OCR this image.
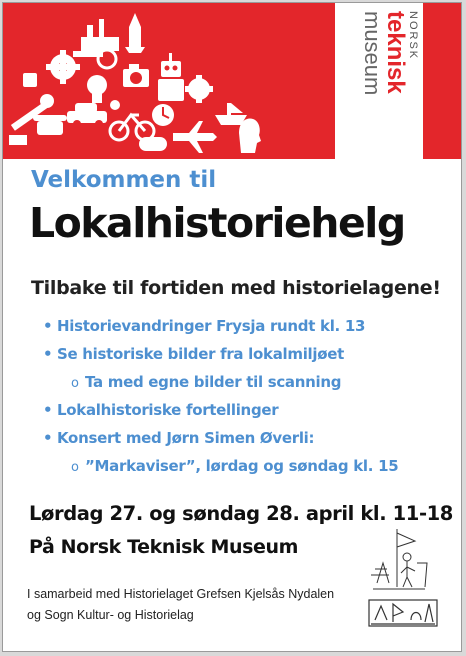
NORSK
teknisk
museum
Velkommen til
Lokalhistoriehelg
Tilbake til fortiden med historielagene!
• Historievandringer Frysja rundt kl. 13
• Se historiske bilder fra lokalmiljøet
o Ta med egne bilder til scanning
• Lokalhistoriske fortellinger
• Konsert med Jørn Simen Øverli:
o ”Markaviser”, lørdag og søndag kl. 15
Lørdag 27. og søndag 28. april kl. 11-18
På Norsk Teknisk Museum
I samarbeid med Historielaget Grefsen Kjelsås Nydalen
og Sogn Kultur- og Historielag
